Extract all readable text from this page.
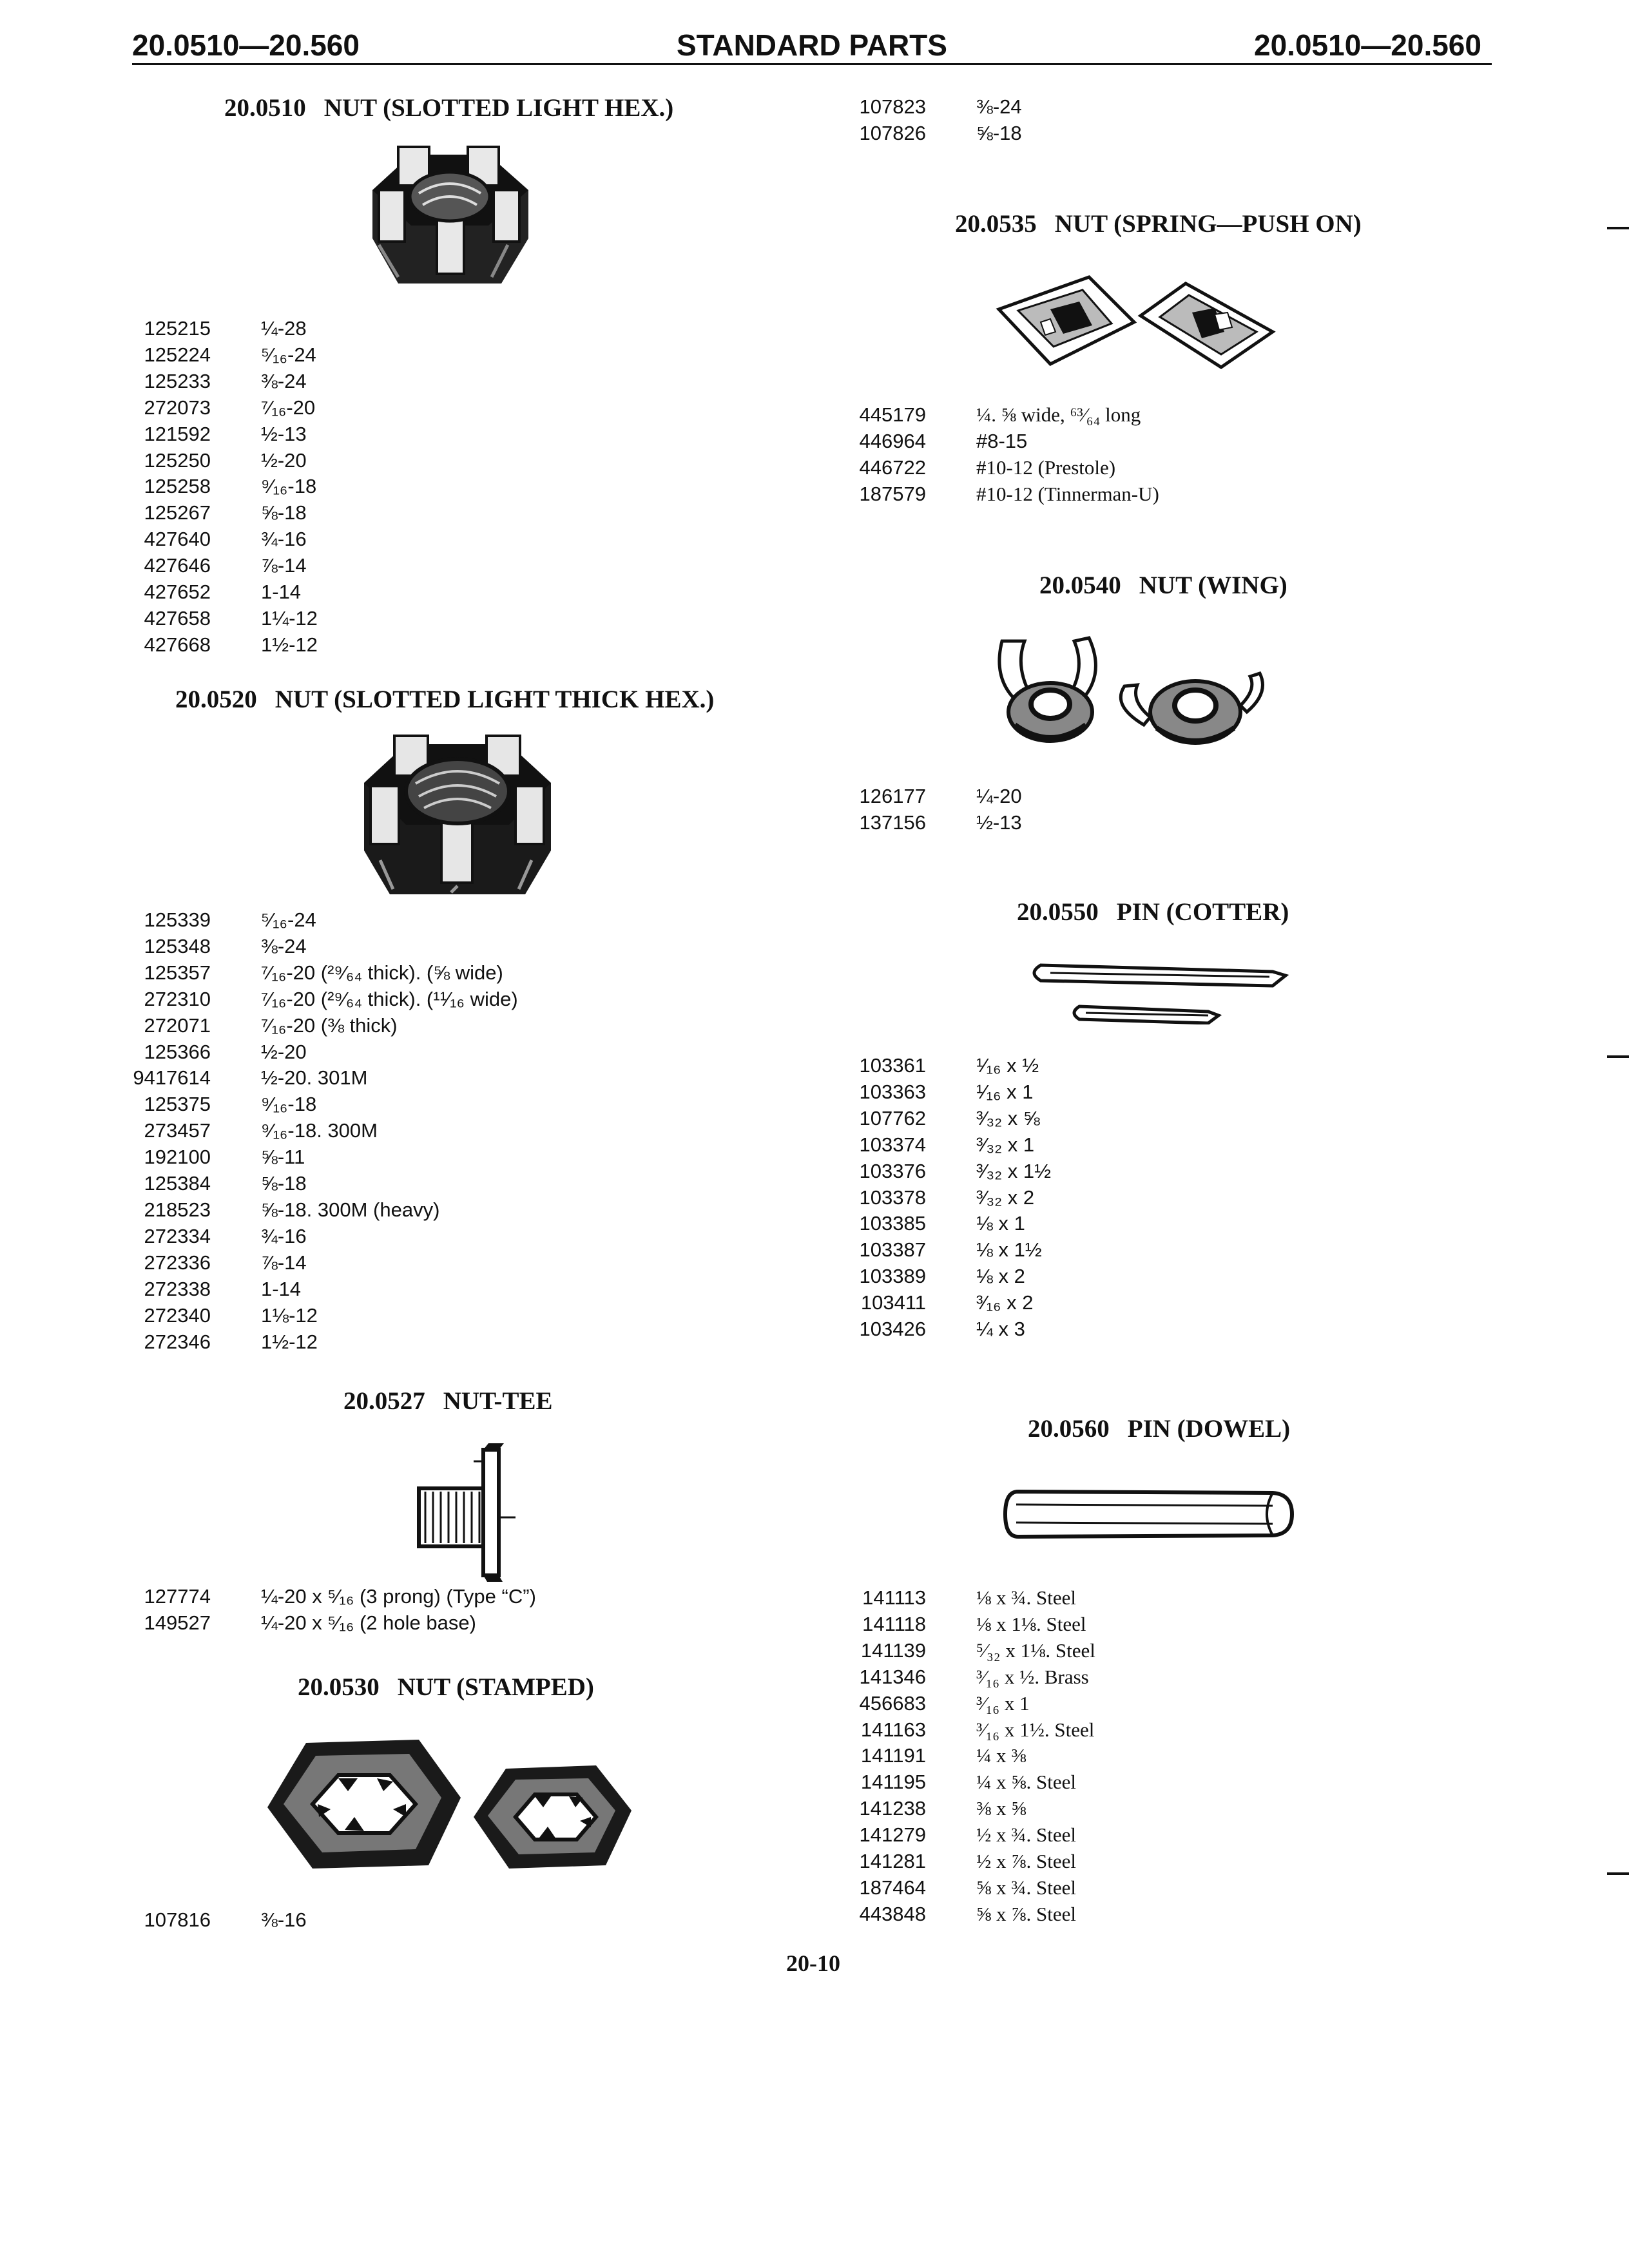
20.0510—20.560	STANDARD PARTS	20.0510—20.560
20.0510 NUT (SLOTTED LIGHT HEX.)
125215	¼-28
125224	⁵⁄₁₆-24
125233	⅜-24
272073	⁷⁄₁₆-20
121592	½-13
125250	½-20
125258	⁹⁄₁₆-18
125267	⅝-18
427640	¾-16
427646	⅞-14
427652	1-14
427658	1¼-12
427668	1½-12
20.0520 NUT (SLOTTED LIGHT THICK HEX.)
125339	⁵⁄₁₆-24
125348	⅜-24
125357	⁷⁄₁₆-20 (²⁹⁄₆₄ thick). (⅝ wide)
272310	⁷⁄₁₆-20 (²⁹⁄₆₄ thick). (¹¹⁄₁₆ wide)
272071	⁷⁄₁₆-20 (⅜ thick)
125366	½-20
9417614	½-20. 301M
125375	⁹⁄₁₆-18
273457	⁹⁄₁₆-18. 300M
192100	⅝-11
125384	⅝-18
218523	⅝-18. 300M (heavy)
272334	¾-16
272336	⅞-14
272338	1-14
272340	1⅛-12
272346	1½-12
20.0527 NUT-TEE
127774	¼-20 x ⁵⁄₁₆ (3 prong) (Type “C”)
149527	¼-20 x ⁵⁄₁₆ (2 hole base)
20.0530 NUT (STAMPED)
107816	⅜-16
107823	⅜-24
107826	⅝-18
20.0535 NUT (SPRING—PUSH ON)
445179	¼. ⅝ wide, ⁶³⁄₆₄ long
446964	#8-15
446722	#10-12 (Prestole)
187579	#10-12 (Tinnerman-U)
20.0540 NUT (WING)
126177	¼-20
137156	½-13
20.0550 PIN (COTTER)
103361	¹⁄₁₆ x ½
103363	¹⁄₁₆ x 1
107762	³⁄₃₂ x ⅝
103374	³⁄₃₂ x 1
103376	³⁄₃₂ x 1½
103378	³⁄₃₂ x 2
103385	⅛ x 1
103387	⅛ x 1½
103389	⅛ x 2
103411	³⁄₁₆ x 2
103426	¼ x 3
20.0560 PIN (DOWEL)
141113	⅛ x ¾. Steel
141118	⅛ x 1⅛. Steel
141139	⁵⁄₃₂ x 1⅛. Steel
141346	³⁄₁₆ x ½. Brass
456683	³⁄₁₆ x 1
141163	³⁄₁₆ x 1½. Steel
141191	¼ x ⅜
141195	¼ x ⅝. Steel
141238	⅜ x ⅝
141279	½ x ¾. Steel
141281	½ x ⅞. Steel
187464	⅝ x ¾. Steel
443848	⅝ x ⅞. Steel
20-10
